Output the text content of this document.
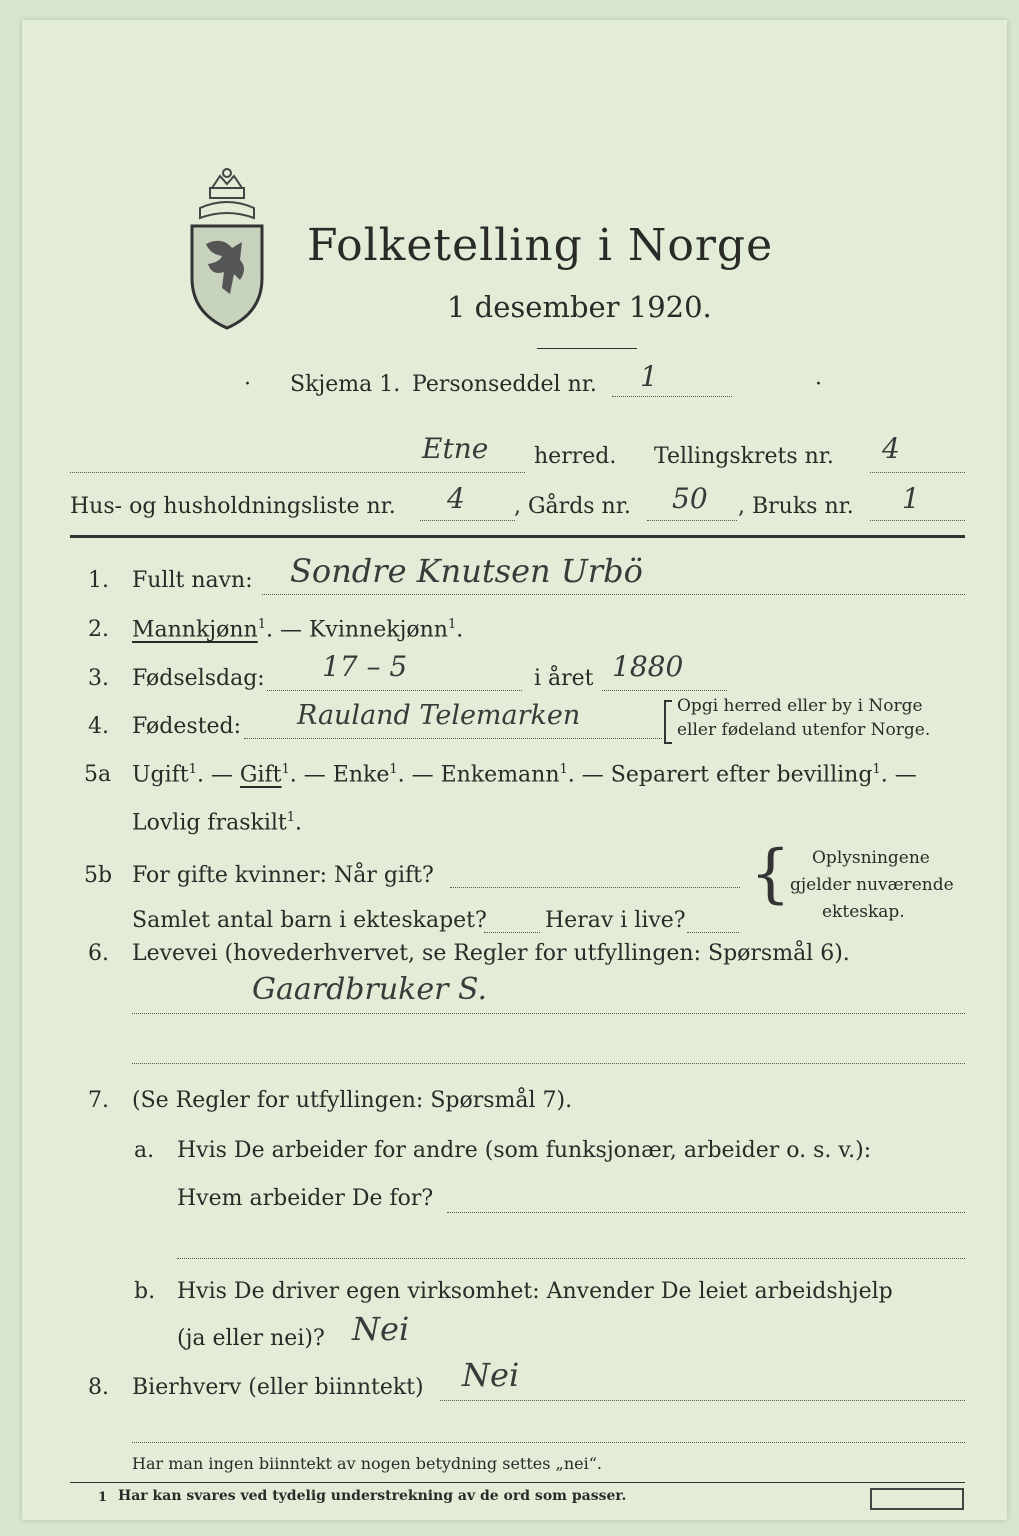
Folketelling i Norge
1 desember 1920.
· Skjema 1. Personseddel nr. 1	·
Etne herred. Tellingskrets nr. 4
Hus- og husholdningsliste nr. 4 , Gårds nr. 50 , Bruks nr. 1
1. Fullt navn: Sondre Knutsen Urbö
2. Mannkjønn$^1$. — Kvinnekjønn$^1$.
3. Fødselsdag: 17 – 5	i året 1880
4. Fødested: Rauland Telemarken	Opgi herred eller by i Norge
eller fødeland utenfor Norge.
5a Ugift$^1$. — Gift$^1$. — Enke$^1$. — Enkemann$^1$. — Separert efter bevilling$^1$. —
Lovlig fraskilt$^1$.
5b For gifte kvinner: Når gift?
Samlet antal barn i ekteskapet?	Herav i live?
{ Oplysningene
gjelder nuværende
ekteskap.
6. Levevei (hovederhvervet, se Regler for utfyllingen: Spørsmål 6).
Gaardbruker S.
7. (Se Regler for utfyllingen: Spørsmål 7).
a. Hvis De arbeider for andre (som funksjonær, arbeider o. s. v.):
Hvem arbeider De for?
b. Hvis De driver egen virksomhet: Anvender De leiet arbeidshjelp
(ja eller nei)? Nei
8. Bierhverv (eller biinntekt) Nei
Har man ingen biinntekt av nogen betydning settes „nei“.
1 Har kan svares ved tydelig understrekning av de ord som passer.
